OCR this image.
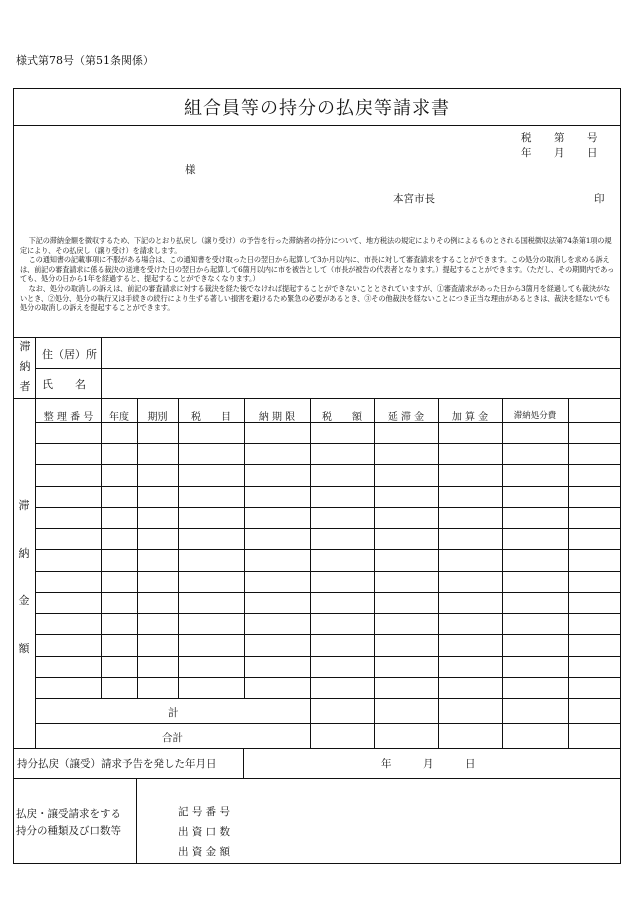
様式第78号（第51条関係）
組合員等の持分の払戻等請求書
税　　第　　号
年　　月　　日
様
本宮市長	印

下記の滞納金額を徴収するため、下記のとおり払戻し（譲り受け）の予告を行った滞納者の持分について、地方税法の規定によりその例によるものとされる国税徴収法第74条第1項の規定により、その払戻し（譲り受け）を請求します。

この通知書の記載事項に不服がある場合は、この通知書を受け取った日の翌日から起算して3か月以内に、市長に対して審査請求をすることができます。この処分の取消しを求める訴えは、前記の審査請求に係る裁決の送達を受けた日の翌日から起算して6箇月以内に市を被告として（市長が被告の代表者となります。）提起することができます。（ただし、その期間内であっても、処分の日から1年を経過すると、提起することができなくなります。）

なお、処分の取消しの訴えは、前記の審査請求に対する裁決を経た後でなければ提起することができないこととされていますが、①審査請求があった日から3箇月を経過しても裁決がないとき、②処分、処分の執行又は手続きの続行により生ずる著しい損害を避けるため緊急の必要があるとき、③その他裁決を経ないことにつき正当な理由があるときは、裁決を経ないでも処分の取消しの訴えを提起することができます。

滞
納
者
住（居）所
氏　　名
滞
納
金
額
整 理 番 号	年度	期別	税　　目	納 期 限	税　　額	延 滞 金	加 算 金	滞納処分費
計
合計
持分払戻（譲受）請求予告を発した年月日	年　　　月　　　日
払戻・譲受請求をする
持分の種類及び口数等
記 号 番 号
出 資 口 数
出 資 金 額
